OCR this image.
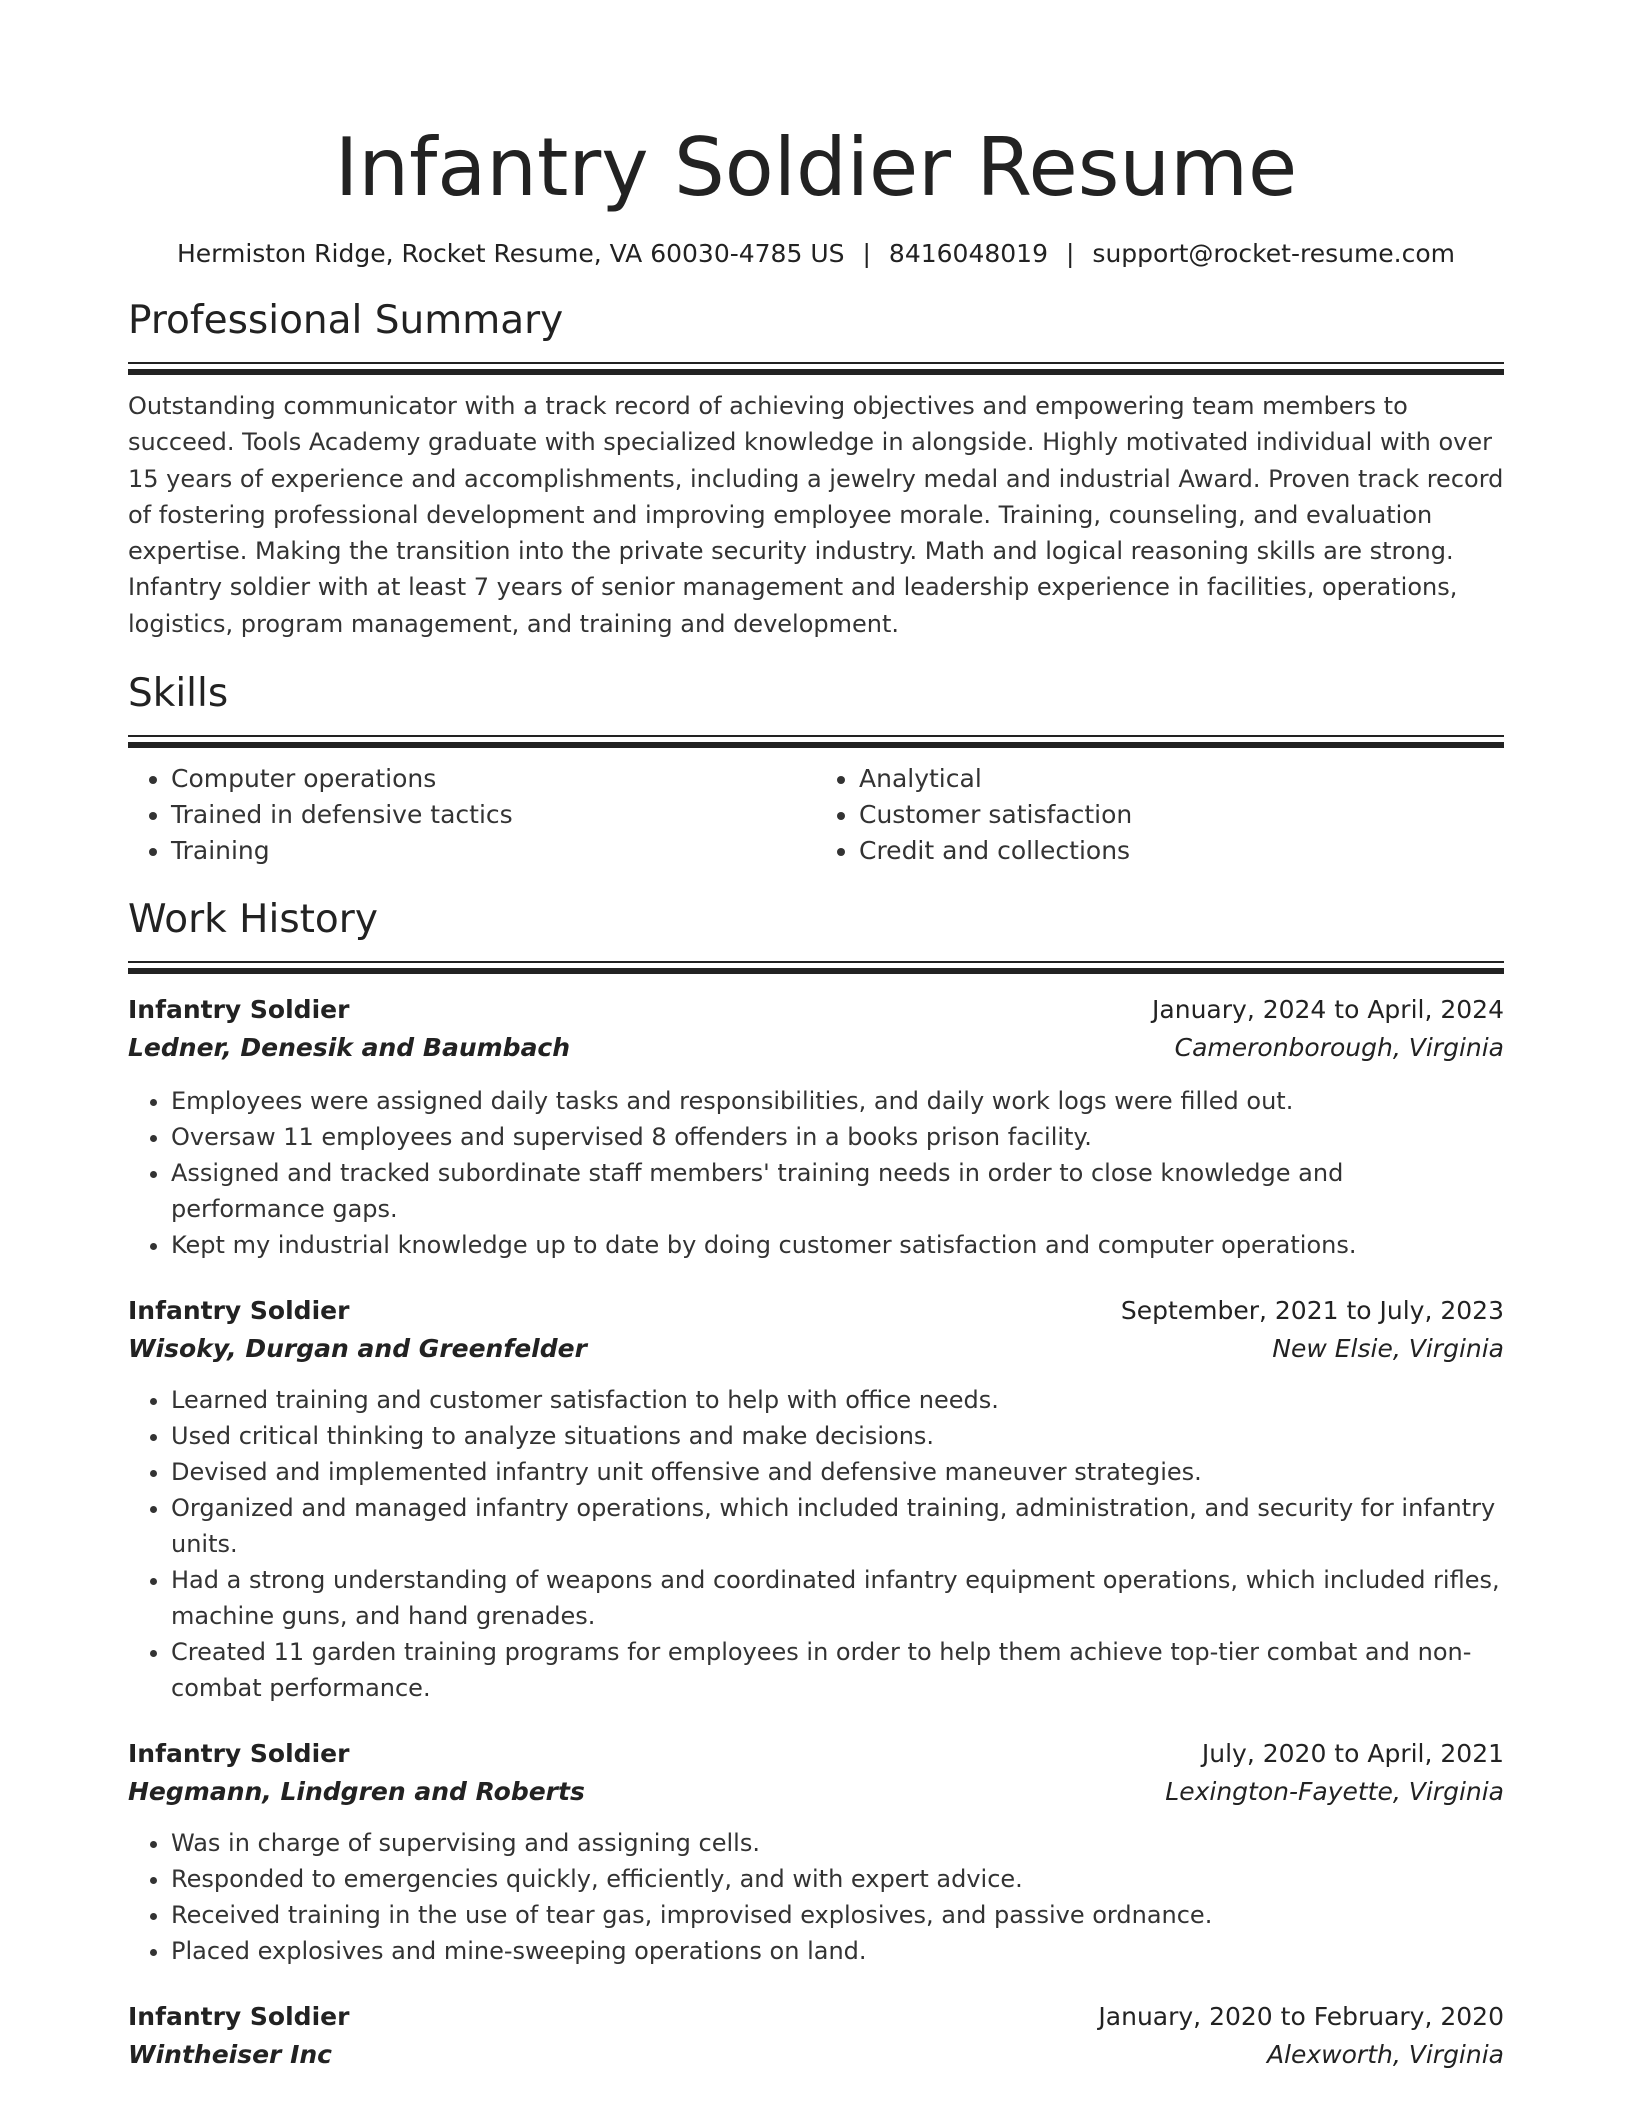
Infantry Soldier Resume
Hermiston Ridge, Rocket Resume, VA 60030-4785 US | 8416048019 | support@rocket-resume.com
Professional Summary

Outstanding communicator with a track record of achieving objectives and empowering team members to succeed. Tools Academy graduate with specialized knowledge in alongside. Highly motivated individual with over 15 years of experience and accomplishments, including a jewelry medal and industrial Award. Proven track record of fostering professional development and improving employee morale. Training, counseling, and evaluation expertise. Making the transition into the private security industry. Math and logical reasoning skills are strong. Infantry soldier with at least 7 years of senior management and leadership experience in facilities, operations, logistics, program management, and training and development.

Skills
• Computer operations
• Trained in defensive tactics
• Training
• Analytical
• Customer satisfaction
• Credit and collections
Work History
Infantry Soldier	January, 2024 to April, 2024
Ledner, Denesik and Baumbach	Cameronborough, Virginia
• Employees were assigned daily tasks and responsibilities, and daily work logs were filled out.
• Oversaw 11 employees and supervised 8 offenders in a books prison facility.
• Assigned and tracked subordinate staff members' training needs in order to close knowledge and performance gaps.
• Kept my industrial knowledge up to date by doing customer satisfaction and computer operations.
Infantry Soldier	September, 2021 to July, 2023
Wisoky, Durgan and Greenfelder	New Elsie, Virginia
• Learned training and customer satisfaction to help with office needs.
• Used critical thinking to analyze situations and make decisions.
• Devised and implemented infantry unit offensive and defensive maneuver strategies.
• Organized and managed infantry operations, which included training, administration, and security for infantry units.
• Had a strong understanding of weapons and coordinated infantry equipment operations, which included rifles, machine guns, and hand grenades.
• Created 11 garden training programs for employees in order to help them achieve top-tier combat and non-combat performance.
Infantry Soldier	July, 2020 to April, 2021
Hegmann, Lindgren and Roberts	Lexington-Fayette, Virginia
• Was in charge of supervising and assigning cells.
• Responded to emergencies quickly, efficiently, and with expert advice.
• Received training in the use of tear gas, improvised explosives, and passive ordnance.
• Placed explosives and mine-sweeping operations on land.
Infantry Soldier	January, 2020 to February, 2020
Wintheiser Inc	Alexworth, Virginia
